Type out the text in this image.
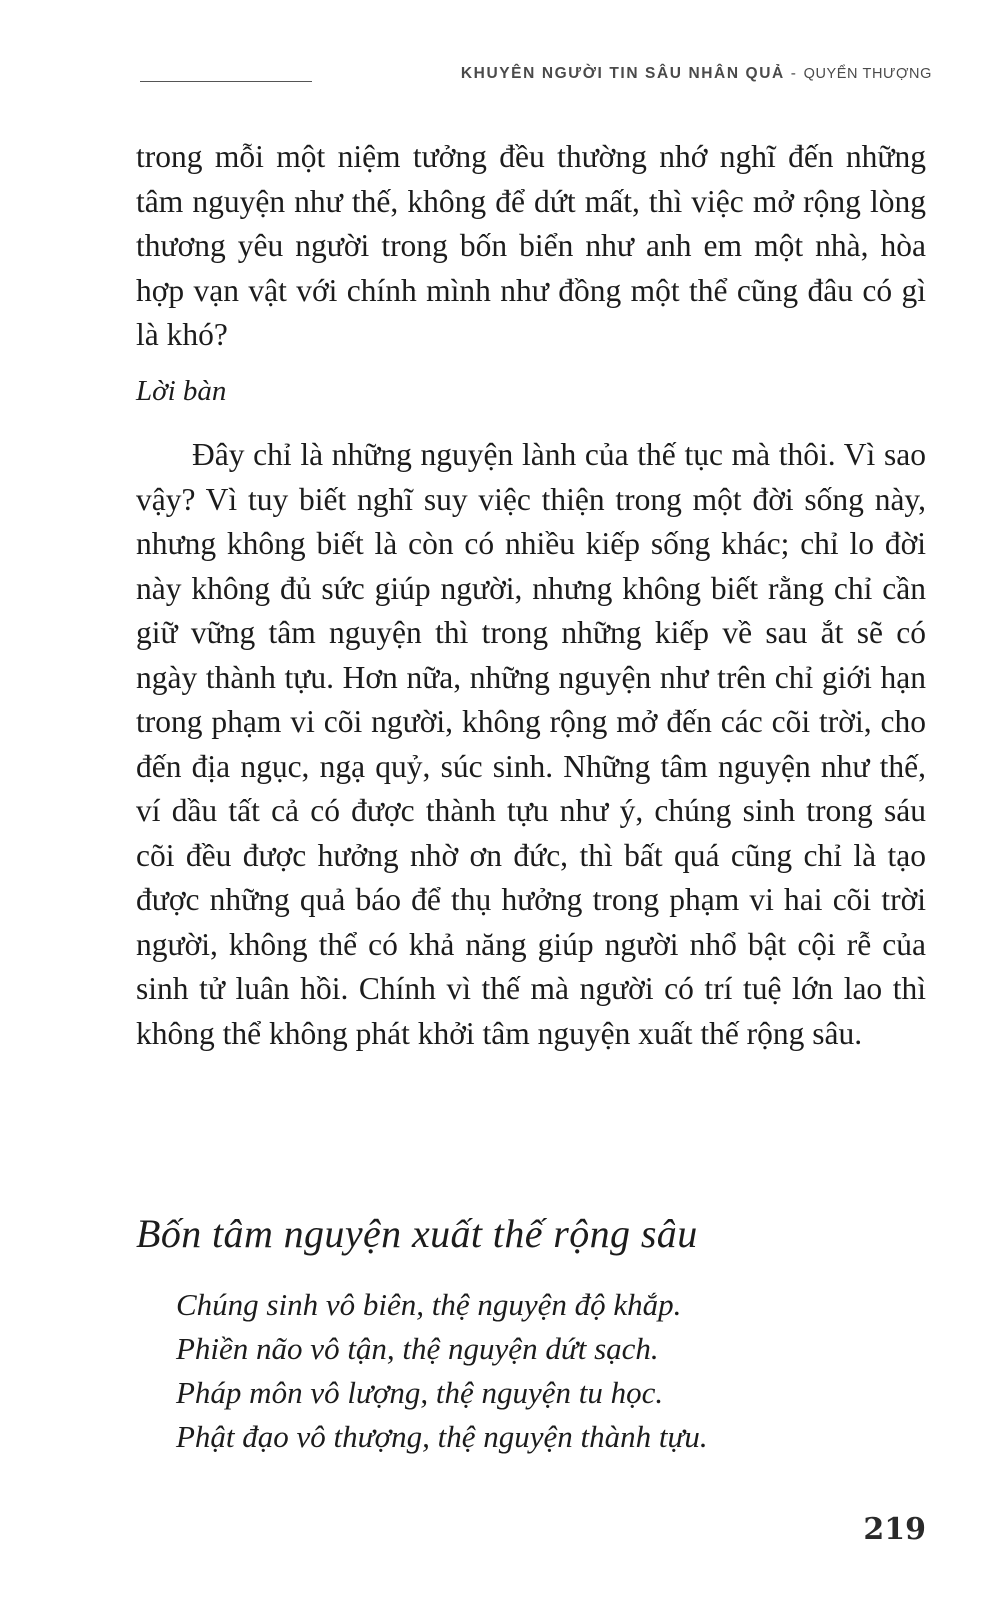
KHUYÊN NGƯỜI TIN SÂU NHÂN QUẢ - QUYỂN THƯỢNG

trong mỗi một niệm tưởng đều thường nhớ nghĩ đến những tâm nguyện như thế, không để dứt mất, thì việc mở rộng lòng thương yêu người trong bốn biển như anh em một nhà, hòa hợp vạn vật với chính mình như đồng một thể cũng đâu có gì là khó?

Lời bàn

Đây chỉ là những nguyện lành của thế tục mà thôi. Vì sao vậy? Vì tuy biết nghĩ suy việc thiện trong một đời sống này, nhưng không biết là còn có nhiều kiếp sống khác; chỉ lo đời này không đủ sức giúp người, nhưng không biết rằng chỉ cần giữ vững tâm nguyện thì trong những kiếp về sau ắt sẽ có ngày thành tựu. Hơn nữa, những nguyện như trên chỉ giới hạn trong phạm vi cõi người, không rộng mở đến các cõi trời, cho đến địa ngục, ngạ quỷ, súc sinh. Những tâm nguyện như thế, ví dầu tất cả có được thành tựu như ý, chúng sinh trong sáu cõi đều được hưởng nhờ ơn đức, thì bất quá cũng chỉ là tạo được những quả báo để thụ hưởng trong phạm vi hai cõi trời người, không thể có khả năng giúp người nhổ bật cội rễ của sinh tử luân hồi. Chính vì thế mà người có trí tuệ lớn lao thì không thể không phát khởi tâm nguyện xuất thế rộng sâu.

Bốn tâm nguyện xuất thế rộng sâu
Chúng sinh vô biên, thệ nguyện độ khắp.
Phiền não vô tận, thệ nguyện dứt sạch.
Pháp môn vô lượng, thệ nguyện tu học.
Phật đạo vô thượng, thệ nguyện thành tựu.
219
